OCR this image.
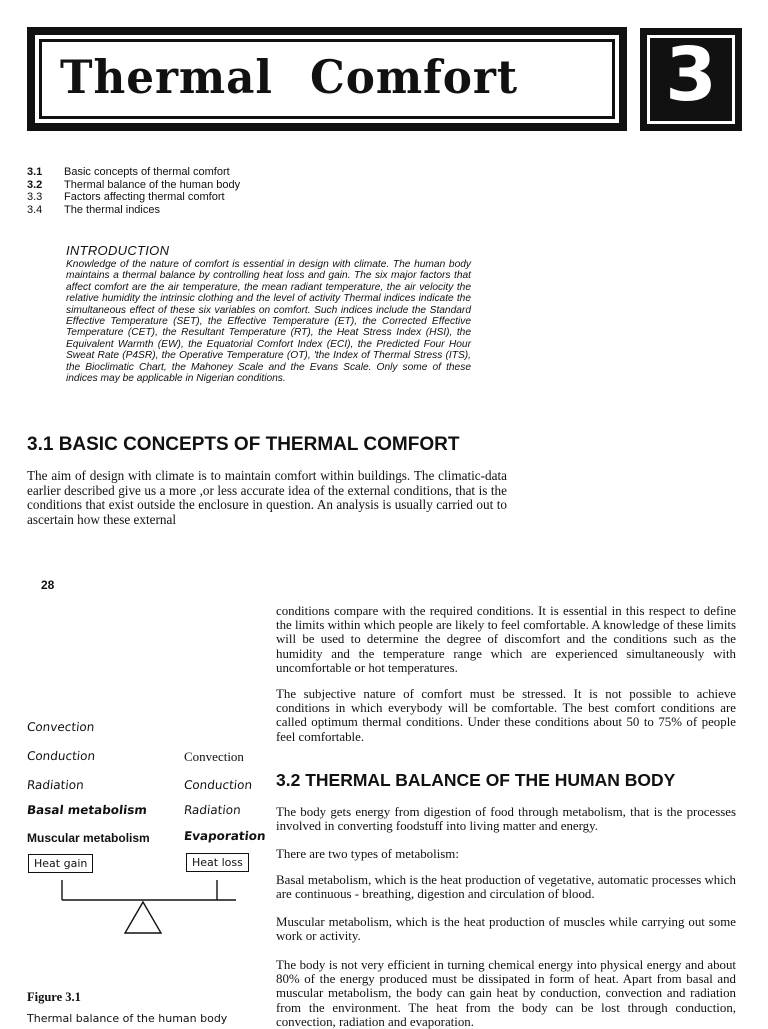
Thermal Comfort	3
3.1 Basic concepts of thermal comfort
3.2 Thermal balance of the human body
3.3 Factors affecting thermal comfort
3.4 The thermal indices
INTRODUCTION

Knowledge of the nature of comfort is essential in design with climate. The human body maintains a thermal balance by controlling heat loss and gain. The six major factors that affect comfort are the air temperature, the mean radiant temperature, the air velocity the relative humidity the intrinsic clothing and the level of activity Thermal indices indicate the simultaneous effect of these six variables on comfort. Such indices include the Standard Effective Temperature (SET), the Effective Temperature (ET), the Corrected Effective Temperature (CET), the Resultant Temperature (RT), the Heat Stress Index (HSI), the Equivalent Warmth (EW), the Equatorial Comfort Index (ECI), the Predicted Four Hour Sweat Rate (P4SR), the Operative Temperature (OT), 'the Index of Thermal Stress (ITS), the Bioclimatic Chart, the Mahoney Scale and the Evans Scale. Only some of these indices may be applicable in Nigerian conditions.

3.1 BASIC CONCEPTS OF THERMAL COMFORT

The aim of design with climate is to maintain comfort within buildings. The climatic-data earlier described give us a more ,or less accurate idea of the external conditions, that is the conditions that exist outside the enclosure in question. An analysis is usually carried out to ascertain how these external

28

conditions compare with the required conditions. It is essential in this respect to define the limits within which people are likely to feel comfortable. A knowledge of these limits will be used to determine the degree of discomfort and the conditions such as the humidity and the temperature range which are experienced simultaneously with uncomfortable or hot temperatures.

The subjective nature of comfort must be stressed. It is not possible to achieve conditions in which everybody will be comfortable. The best comfort conditions are called optimum thermal conditions. Under these conditions about 50 to 75% of people feel comfortable.

3.2 THERMAL BALANCE OF THE HUMAN BODY

The body gets energy from digestion of food through metabolism, that is the processes involved in converting foodstuff into living matter and energy.

There are two types of metabolism:

Basal metabolism, which is the heat production of vegetative, automatic processes which are continuous - breathing, digestion and circulation of blood.

Muscular metabolism, which is the heat production of muscles while carrying out some work or activity.

The body is not very efficient in turning chemical energy into physical energy and about 80% of the energy produced must be dissipated in form of heat. Apart from basal and muscular metabolism, the body can gain heat by conduction, convection and radiation from the environment. The heat from the body can be lost through conduction, convection, radiation and evaporation.

Convection
Conduction
Radiation
Basal metabolism
Muscular metabolism
Convection
Conduction
Radiation
Evaporation
Heat gain	Heat loss
Figure 3.1
Thermal balance of the human body
